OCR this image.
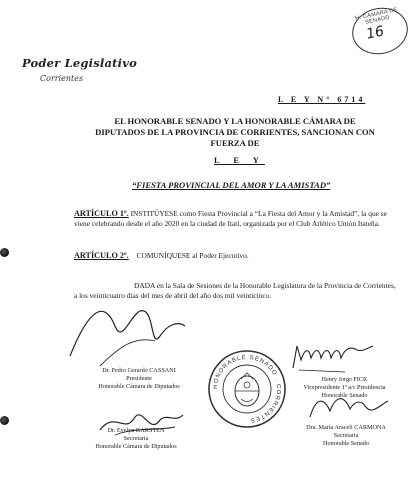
H. CAMARA DE SENADO
16
Poder Legislativo
Corrientes
L E Y N° 6714
EL HONORABLE SENADO Y LA HONORABLE CÁMARA DE DIPUTADOS DE LA PROVINCIA DE CORRIENTES, SANCIONAN CON FUERZA DE
L E Y
“FIESTA PROVINCIAL DEL AMOR Y LA AMISTAD”
ARTÍCULO 1º. INSTITÚYESE como Fiesta Provincial a “La Fiesta del Amor y la Amistad”, la que se viene celebrando desde el año 2020 en la ciudad de Itatí, organizada por el Club Atlético Unión Itateña.
ARTÍCULO 2º. COMUNÍQUESE al Poder Ejecutivo.
DADA en la Sala de Sesiones de la Honorable Legislatura de la Provincia de Corrientes, a los veinticuatro días del mes de abril del año dos mil veinticinco.
HONORABLE SENADO · CORRIENTES
Dr. Pedro Gerardo CASSANI
Presidente
Honorable Cámara de Diputados
Dr. Evelyn KARSTEN
Secretaria
Honorable Cámara de Diputados
Henry Jorge FICK
Vicepresidente 1º a/c Presidencia
Honorable Senado
Dra. María Araceli CARMONA
Secretaria
Honorable Senado
